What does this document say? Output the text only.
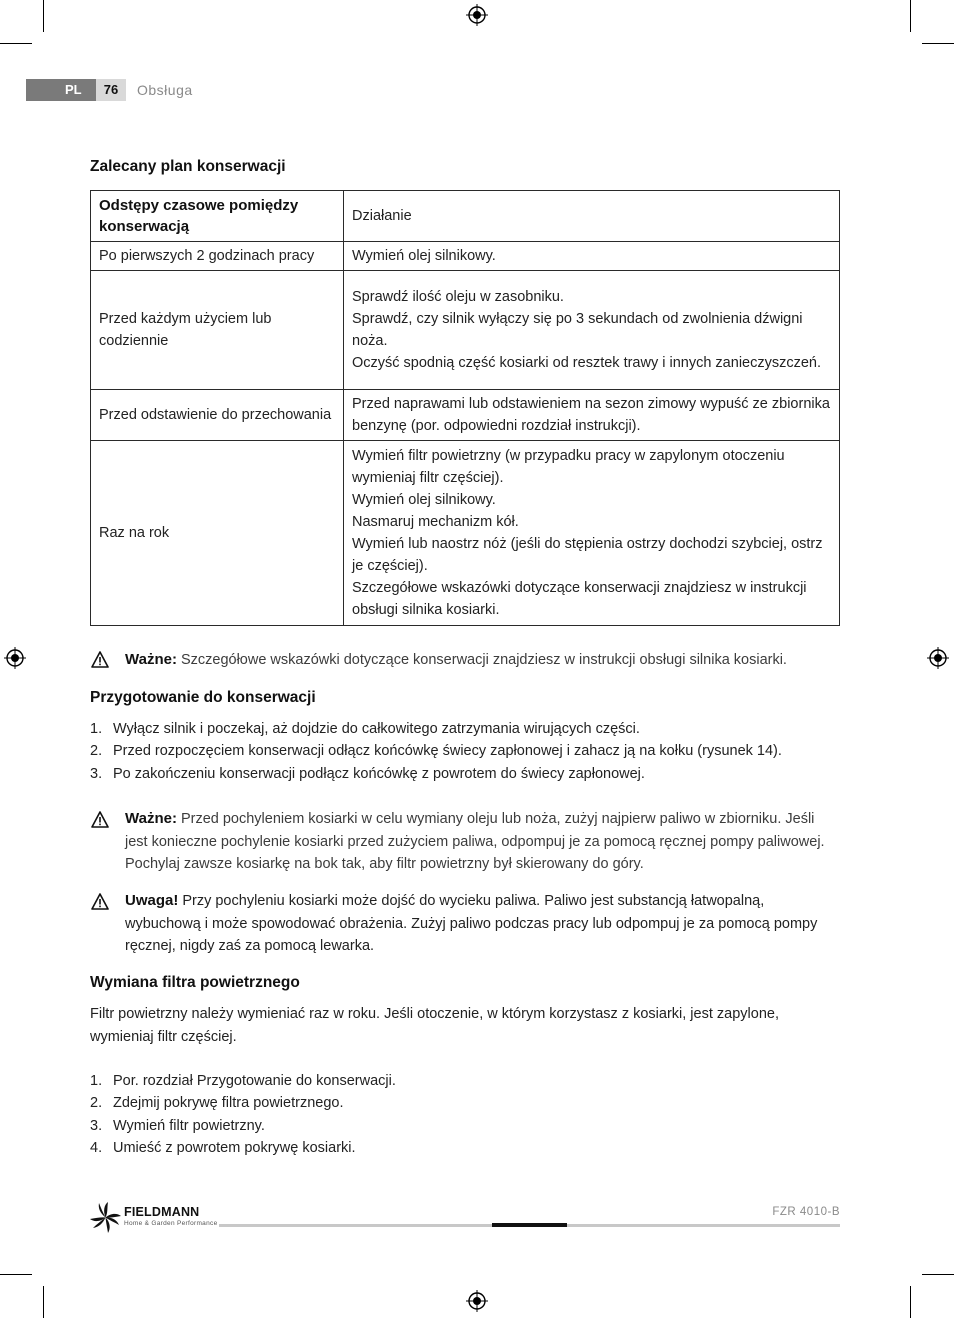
PL	76	Obsługa
Zalecany plan konserwacji
Odstępy czasowe pomiędzy konserwacją	Działanie
Po pierwszych 2 godzinach pracy	Wymień olej silnikowy.

Przed każdym użyciem lub codziennie	Sprawdź ilość oleju w zasobniku.
Sprawdź, czy silnik wyłączy się po 3 sekundach od zwolnienia dźwigni noża.
Oczyść spodnią część kosiarki od resztek trawy i innych zanieczyszczeń.

Przed odstawienie do przechowania	Przed naprawami lub odstawieniem na sezon zimowy wypuść ze zbiornika benzynę (por. odpowiedni rozdział instrukcji).

Raz na rok	Wymień filtr powietrzny (w przypadku pracy w zapylonym otoczeniu wymieniaj filtr częściej).
Wymień olej silnikowy.
Nasmaruj mechanizm kół.
Wymień lub naostrz nóż (jeśli do stępienia ostrzy dochodzi szybciej, ostrz je częściej).
Szczegółowe wskazówki dotyczące konserwacji znajdziesz w instrukcji obsługi silnika kosiarki.
Ważne: Szczegółowe wskazówki dotyczące konserwacji znajdziesz w instrukcji obsługi silnika kosiarki.
Przygotowanie do konserwacji
1. Wyłącz silnik i poczekaj, aż dojdzie do całkowitego zatrzymania wirujących części.
2. Przed rozpoczęciem konserwacji odłącz końcówkę świecy zapłonowej i zahacz ją na kołku (rysunek 14).
3. Po zakończeniu konserwacji podłącz końcówkę z powrotem do świecy zapłonowej.
Ważne: Przed pochyleniem kosiarki w celu wymiany oleju lub noża, zużyj najpierw paliwo w zbiorniku. Jeśli jest konieczne pochylenie kosiarki przed zużyciem paliwa, odpompuj je za pomocą ręcznej pompy paliwowej. Pochylaj zawsze kosiarkę na bok tak, aby filtr powietrzny był skierowany do góry.
Uwaga! Przy pochyleniu kosiarki może dojść do wycieku paliwa. Paliwo jest substancją łatwopalną, wybuchową i może spowodować obrażenia. Zużyj paliwo podczas pracy lub odpompuj je za pomocą pompy ręcznej, nigdy zaś za pomocą lewarka.
Wymiana filtra powietrznego

Filtr powietrzny należy wymieniać raz w roku. Jeśli otoczenie, w którym korzystasz z kosiarki, jest zapylone, wymieniaj filtr częściej.

1. Por. rozdział Przygotowanie do konserwacji.
2. Zdejmij pokrywę filtra powietrznego.
3. Wymień filtr powietrzny.
4. Umieść z powrotem pokrywę kosiarki.
FIELDMANN
Home & Garden Performance
FZR 4010-B
